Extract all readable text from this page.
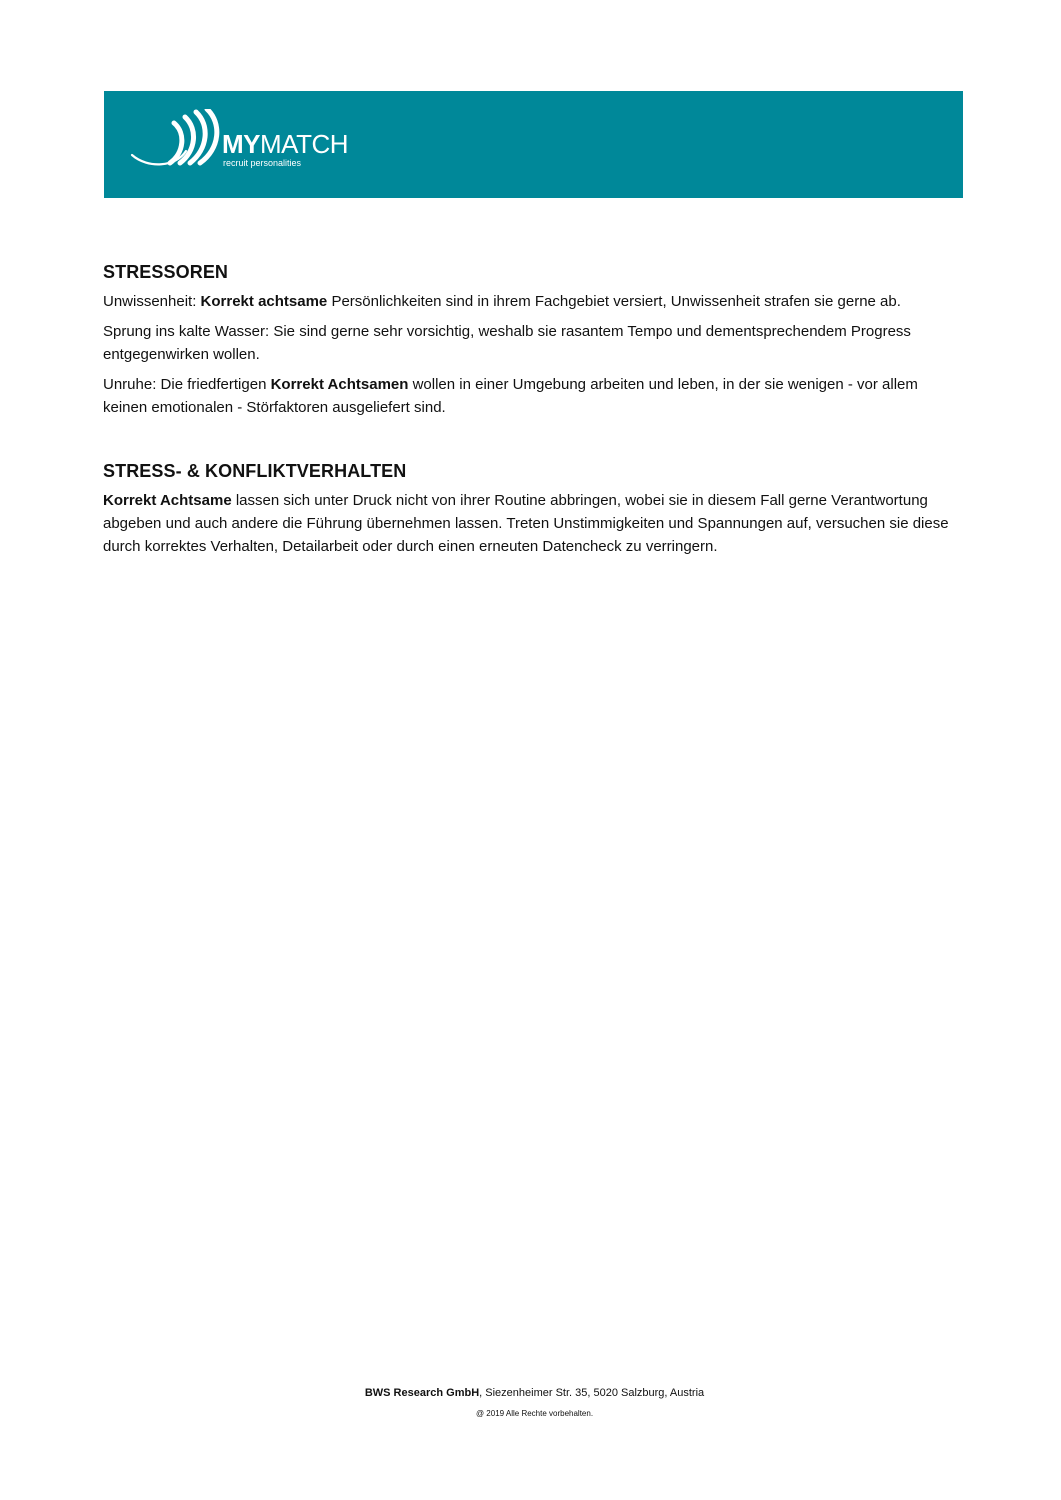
MYMATCH
recruit personalities
STRESSOREN

Unwissenheit: Korrekt achtsame Persönlichkeiten sind in ihrem Fachgebiet versiert, Unwissenheit strafen sie gerne ab.

Sprung ins kalte Wasser: Sie sind gerne sehr vorsichtig, weshalb sie rasantem Tempo und dementsprechendem Progress entgegenwirken wollen.

Unruhe: Die friedfertigen Korrekt Achtsamen wollen in einer Umgebung arbeiten und leben, in der sie wenigen - vor allem keinen emotionalen - Störfaktoren ausgeliefert sind.

STRESS- & KONFLIKTVERHALTEN

Korrekt Achtsame lassen sich unter Druck nicht von ihrer Routine abbringen, wobei sie in diesem Fall gerne Verantwortung abgeben und auch andere die Führung übernehmen lassen. Treten Unstimmigkeiten und Spannungen auf, versuchen sie diese durch korrektes Verhalten, Detailarbeit oder durch einen erneuten Datencheck zu verringern.

BWS Research GmbH, Siezenheimer Str. 35, 5020 Salzburg, Austria
@ 2019 Alle Rechte vorbehalten.
